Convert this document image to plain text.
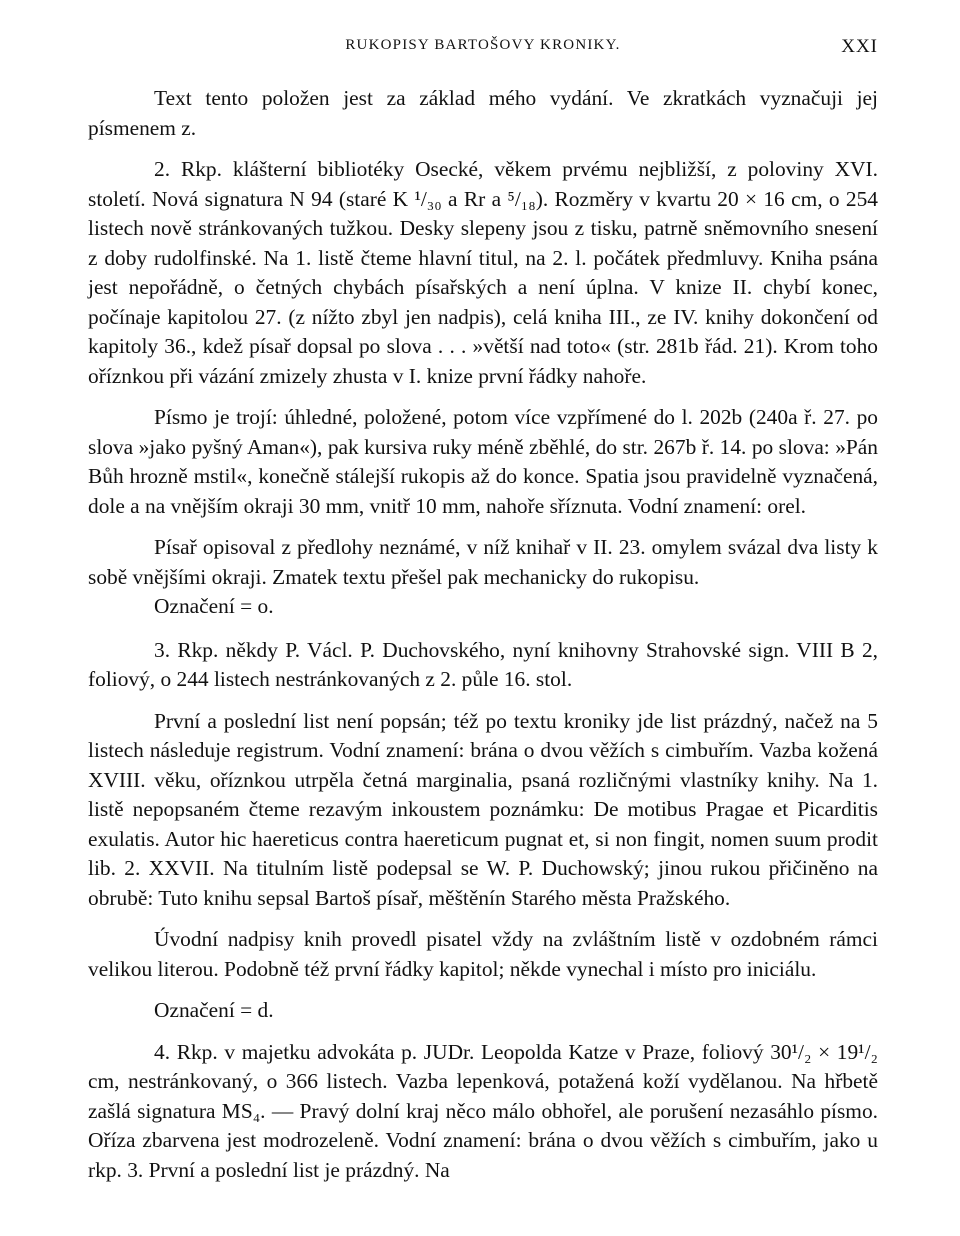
RUKOPISY BARTOŠOVY KRONIKY.	XXI

Text tento položen jest za základ mého vydání. Ve zkratkách vyznačuji jej písmenem z.

2. Rkp. klášterní bibliotéky Osecké, věkem prvému nejbližší, z poloviny XVI. století. Nová signatura N 94 (staré K ¹/₃₀ a Rr a ⁵/₁₈). Rozměry v kvartu 20 × 16 cm, o 254 listech nově stránkovaných tužkou. Desky slepeny jsou z tisku, patrně sněmovního snesení z doby rudolfinské. Na 1. listě čteme hlavní titul, na 2. l. počátek předmluvy. Kniha psána jest nepořádně, o četných chybách písařských a není úplna. V knize II. chybí konec, počínaje kapitolou 27. (z nížto zbyl jen nadpis), celá kniha III., ze IV. knihy dokončení od kapitoly 36., kdež písař dopsal po slova . . . »větší nad toto« (str. 281b řád. 21). Krom toho oříznkou při vázání zmizely zhusta v I. knize první řádky nahoře.

Písmo je trojí: úhledné, položené, potom více vzpřímené do l. 202b (240a ř. 27. po slova »jako pyšný Aman«), pak kursiva ruky méně zběhlé, do str. 267b ř. 14. po slova: »Pán Bůh hrozně mstil«, konečně stálejší rukopis až do konce. Spatia jsou pravidelně vyznačená, dole a na vnějším okraji 30 mm, vnitř 10 mm, nahoře sříznuta. Vodní znamení: orel.

Písař opisoval z předlohy neznámé, v níž knihař v II. 23. omylem svázal dva listy k sobě vnějšími okraji. Zmatek textu přešel pak mechanicky do rukopisu.

Označení = o.

3. Rkp. někdy P. Václ. P. Duchovského, nyní knihovny Strahovské sign. VIII B 2, foliový, o 244 listech nestránkovaných z 2. půle 16. stol.

První a poslední list není popsán; též po textu kroniky jde list prázdný, načež na 5 listech následuje registrum. Vodní znamení: brána o dvou věžích s cimbuřím. Vazba kožená XVIII. věku, oříznkou utrpěla četná marginalia, psaná rozličnými vlastníky knihy. Na 1. listě nepopsaném čteme rezavým inkoustem poznámku: De motibus Pragae et Picarditis exulatis. Autor hic haereticus contra haereticum pugnat et, si non fingit, nomen suum prodit lib. 2. XXVII. Na titulním listě podepsal se W. P. Duchowský; jinou rukou přičiněno na obrubě: Tuto knihu sepsal Bartoš písař, měštěnín Starého města Pražského.

Úvodní nadpisy knih provedl pisatel vždy na zvláštním listě v ozdobném rámci velikou literou. Podobně též první řádky kapitol; někde vynechal i místo pro iniciálu.

Označení = d.

4. Rkp. v majetku advokáta p. JUDr. Leopolda Katze v Praze, foliový 30¹/₂ × 19¹/₂ cm, nestránkovaný, o 366 listech. Vazba lepenková, potažená koží vydělanou. Na hřbetě zašlá signatura MS₄. — Pravý dolní kraj něco málo obhořel, ale porušení nezasáhlo písmo. Oříza zbarvena jest modrozeleně. Vodní znamení: brána o dvou věžích s cimbuřím, jako u rkp. 3. První a poslední list je prázdný. Na
